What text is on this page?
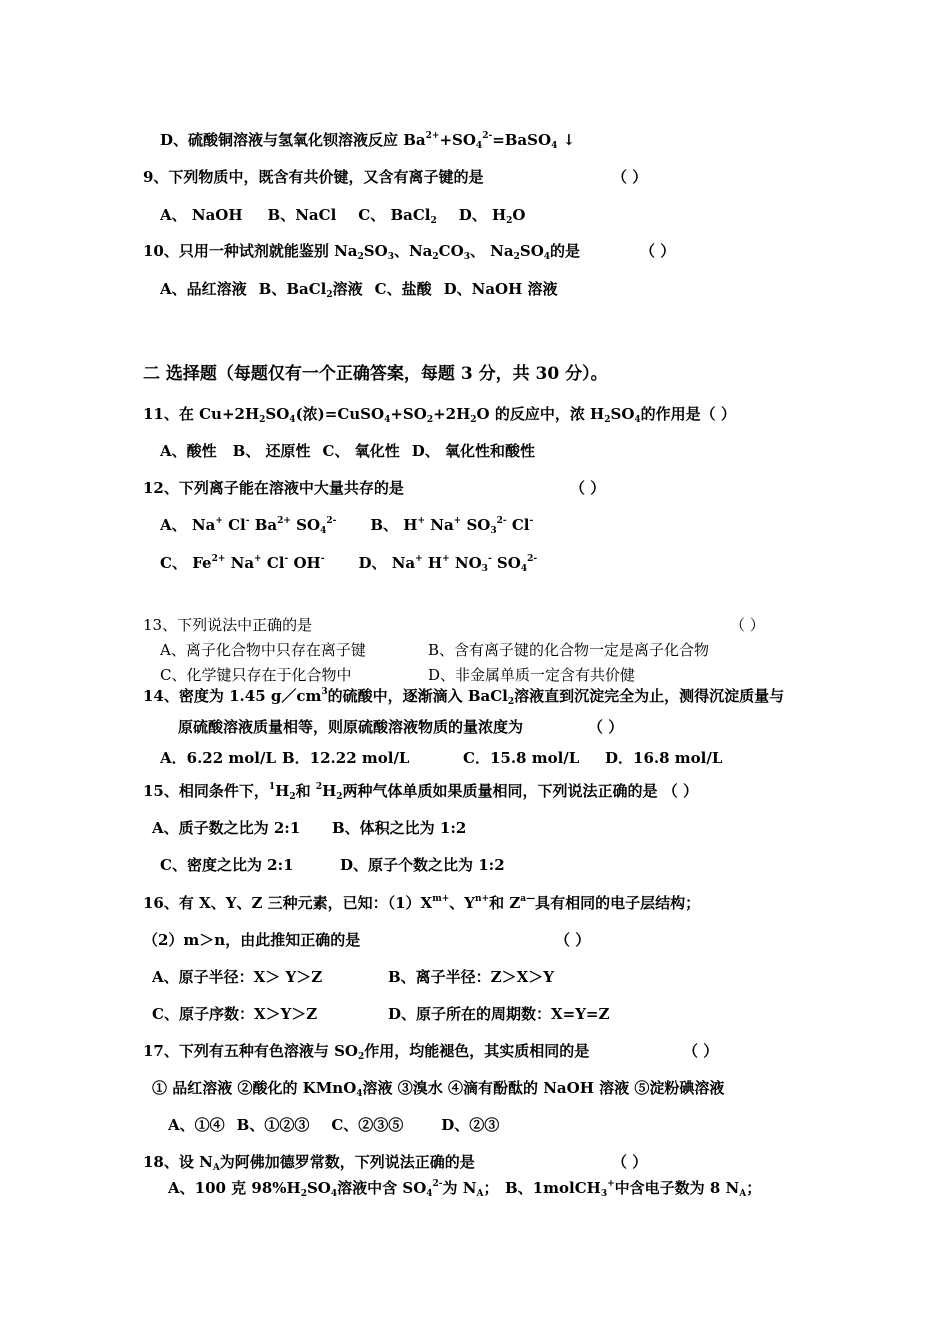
D、硫酸铜溶液与氢氧化钡溶液反应 $Ba^{2+}+SO_4^{2-}=BaSO_4$ ↓
9、下列物质中，既含有共价键，又含有离子键的是	（ ）
A、 NaOH B、NaCl C、 BaCl$_2$ D、 $H_2O$
10、只用一种试剂就能鉴别 $Na_2SO_3$、$Na_2CO_3$、 $Na_2SO_4$的是	（ ）
A、品红溶液 B、BaCl$_2$溶液 C、盐酸 D、NaOH 溶液
二 选择题（每题仅有一个正确答案，每题 3 分，共 30 分）。
11、在 $Cu+2H_2SO_4$(浓)$=CuSO_4+SO_2+2H_2O$ 的反应中，浓 $H_2SO_4$的作用是（ ）
A、酸性 B、 还原性 C、 氧化性 D、 氧化性和酸性
12、下列离子能在溶液中大量共存的是	（ ）
A、 Na+ Cl- $Ba^{2+}$ $SO_4^{2-}$ B、 H+ Na+ $SO_3^{2-}$ Cl-
C、 $Fe^{2+}$ Na+ Cl- OH- D、 Na+ H+ $NO_3^-$ $SO_4^{2-}$
13、下列说法中正确的是	（ ）
A、离子化合物中只存在离子键	B、含有离子键的化合物一定是离子化合物
C、化学键只存在于化合物中	D、非金属单质一定含有共价健
14、密度为 1.45 $g/cm^3$的硫酸中，逐渐滴入 BaCl$_2$溶液直到沉淀完全为止，测得沉淀质量与
原硫酸溶液质量相等，则原硫酸溶液物质的量浓度为	（ ）
A．6.22 mol/L B．12.22 mol/L	C．15.8 mol/L D．16.8 mol/L
15、相同条件下，$^1H_2$和 $^2H_2$两种气体单质如果质量相同，下列说法正确的是 （ ）
A、质子数之比为 2:1 B、体积之比为 1:2
C、密度之比为 2:1	D、原子个数之比为 1:2
16、有 X、Y、Z 三种元素，已知：$(1)X^{m+}$、$Y^{n+}$和 $Z^{a—}$具有相同的电子层结构；
（2）m＞n，由此推知正确的是	（ ）
A、原子半径：X＞ Y＞Z	B、离子半径：Z＞X＞Y
C、原子序数：X＞Y＞Z	D、原子所在的周期数：X=Y=Z
17、下列有五种有色溶液与 $SO_2$作用，均能褪色，其实质相同的是	（ ）
① 品红溶液 ②酸化的 KMnO$_4$溶液 ③溴水 ④滴有酚酞的 NaOH 溶液 ⑤淀粉碘溶液
A、①④ B、①②③ C、②③⑤	D、②③
18、设 $N_A$为阿佛加德罗常数，下列说法正确的是	（ ）
A、100 克 $98\%H_2SO_4$溶液中含 $SO_4^{2-}$为 $N_A$； B、1molCH$_3$+中含电子数为 8 $N_A$；
